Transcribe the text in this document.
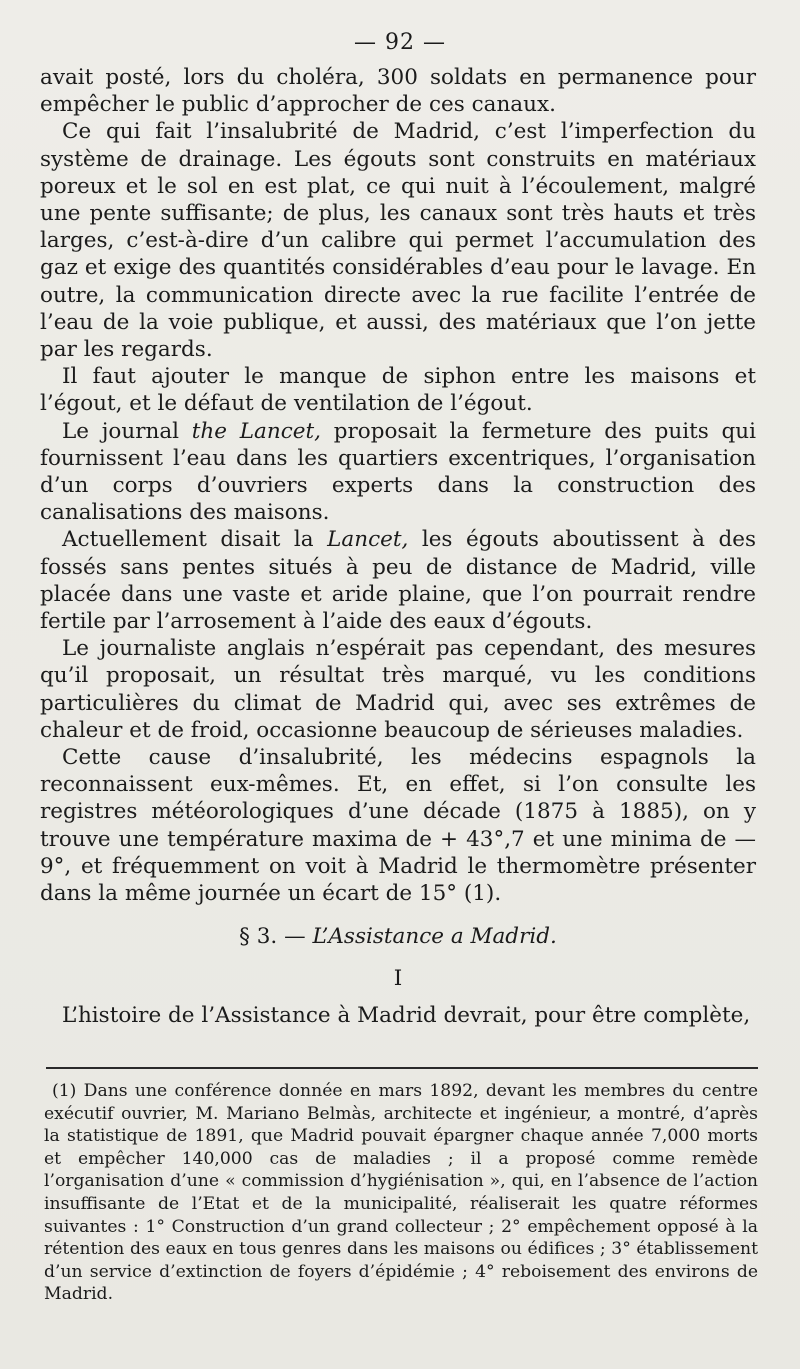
— 92 —

avait posté, lors du choléra, 300 soldats en permanence pour empêcher le public d’approcher de ces canaux.

Ce qui fait l’insalubrité de Madrid, c’est l’imperfection du système de drainage. Les égouts sont construits en matériaux poreux et le sol en est plat, ce qui nuit à l’écoulement, malgré une pente suffisante; de plus, les canaux sont très hauts et très larges, c’est-à-dire d’un calibre qui permet l’accumulation des gaz et exige des quantités considérables d’eau pour le lavage. En outre, la communication directe avec la rue facilite l’entrée de l’eau de la voie publique, et aussi, des matériaux que l’on jette par les regards.

Il faut ajouter le manque de siphon entre les maisons et l’égout, et le défaut de ventilation de l’égout.

Le journal the Lancet, proposait la fermeture des puits qui fournissent l’eau dans les quartiers excentriques, l’organisation d’un corps d’ouvriers experts dans la construction des canalisations des maisons.

Actuellement disait la Lancet, les égouts aboutissent à des fossés sans pentes situés à peu de distance de Madrid, ville placée dans une vaste et aride plaine, que l’on pourrait rendre fertile par l’arrosement à l’aide des eaux d’égouts.

Le journaliste anglais n’espérait pas cependant, des mesures qu’il proposait, un résultat très marqué, vu les conditions particulières du climat de Madrid qui, avec ses extrêmes de chaleur et de froid, occasionne beaucoup de sérieuses maladies.

Cette cause d’insalubrité, les médecins espagnols la reconnaissent eux-mêmes. Et, en effet, si l’on consulte les registres météorologiques d’une décade (1875 à 1885), on y trouve une température maxima de + 43°,7 et une minima de — 9°, et fréquemment on voit à Madrid le thermomètre présenter dans la même journée un écart de 15° (1).

§ 3. — L’Assistance a Madrid.

I

L’histoire de l’Assistance à Madrid devrait, pour être complète,

(1) Dans une conférence donnée en mars 1892, devant les membres du centre exécutif ouvrier, M. Mariano Belmàs, architecte et ingénieur, a montré, d’après la statistique de 1891, que Madrid pouvait épargner chaque année 7,000 morts et empêcher 140,000 cas de maladies ; il a proposé comme remède l’organisation d’une « commission d’hygiénisation », qui, en l’absence de l’action insuffisante de l’Etat et de la municipalité, réaliserait les quatre réformes suivantes : 1° Construction d’un grand collecteur ; 2° empêchement opposé à la rétention des eaux en tous genres dans les maisons ou édifices ; 3° établissement d’un service d’extinction de foyers d’épidémie ; 4° reboisement des environs de Madrid.
